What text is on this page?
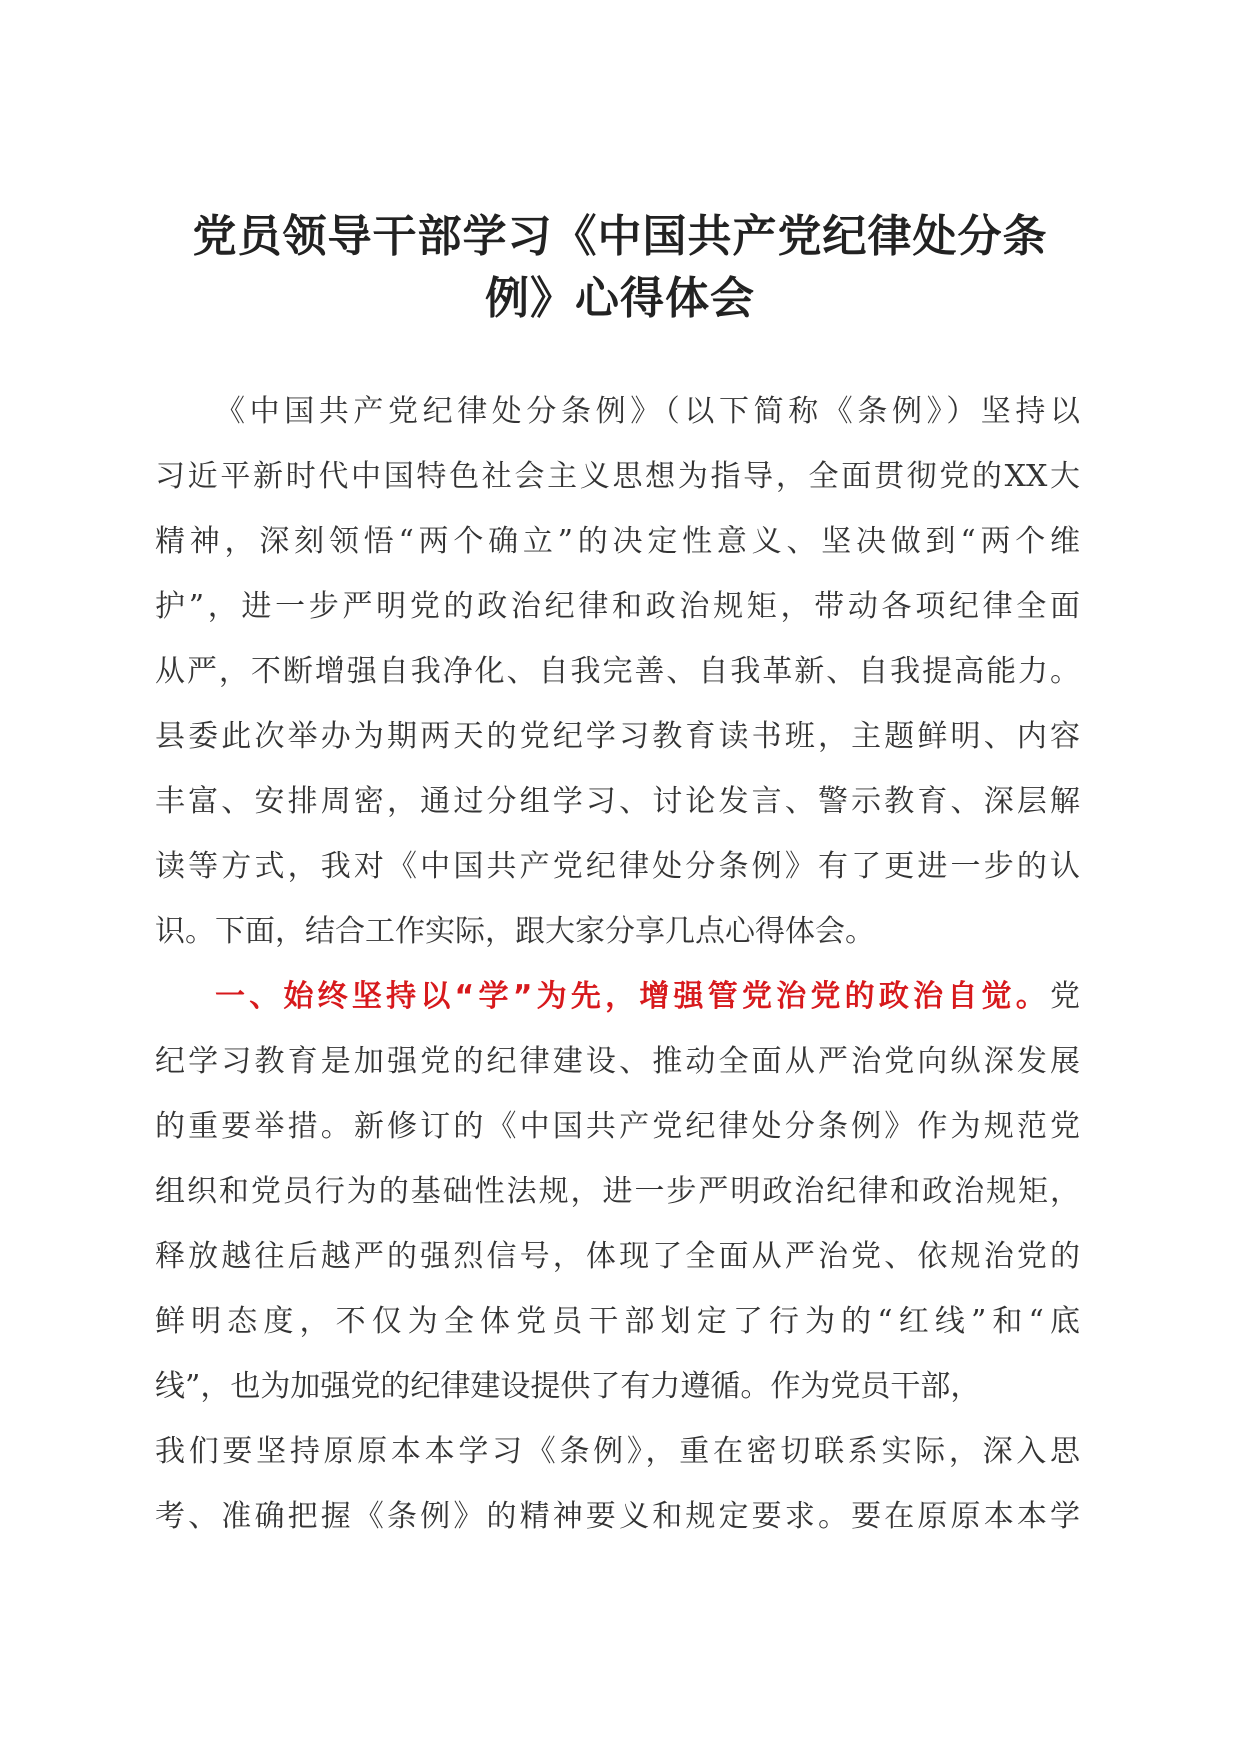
党员领导干部学习《中国共产党纪律处分条
例》心得体会
《中国共产党纪律处分条例》（以下简称《条例》）坚持以
习近平新时代中国特色社会主义思想为指导，全面贯彻党的XX大
精神，深刻领悟“两个确立”的决定性意义、坚决做到“两个维
护”，进一步严明党的政治纪律和政治规矩，带动各项纪律全面
从严，不断增强自我净化、自我完善、自我革新、自我提高能力。
县委此次举办为期两天的党纪学习教育读书班，主题鲜明、内容
丰富、安排周密，通过分组学习、讨论发言、警示教育、深层解
读等方式，我对《中国共产党纪律处分条例》有了更进一步的认
识。下面，结合工作实际，跟大家分享几点心得体会。
一、始终坚持以“学”为先，增强管党治党的政治自觉。党
纪学习教育是加强党的纪律建设、推动全面从严治党向纵深发展
的重要举措。新修订的《中国共产党纪律处分条例》作为规范党
组织和党员行为的基础性法规，进一步严明政治纪律和政治规矩，
释放越往后越严的强烈信号，体现了全面从严治党、依规治党的
鲜明态度，不仅为全体党员干部划定了行为的“红线”和“底
线”，也为加强党的纪律建设提供了有力遵循。作为党员干部，
我们要坚持原原本本学习《条例》，重在密切联系实际，深入思
考、准确把握《条例》的精神要义和规定要求。要在原原本本学
